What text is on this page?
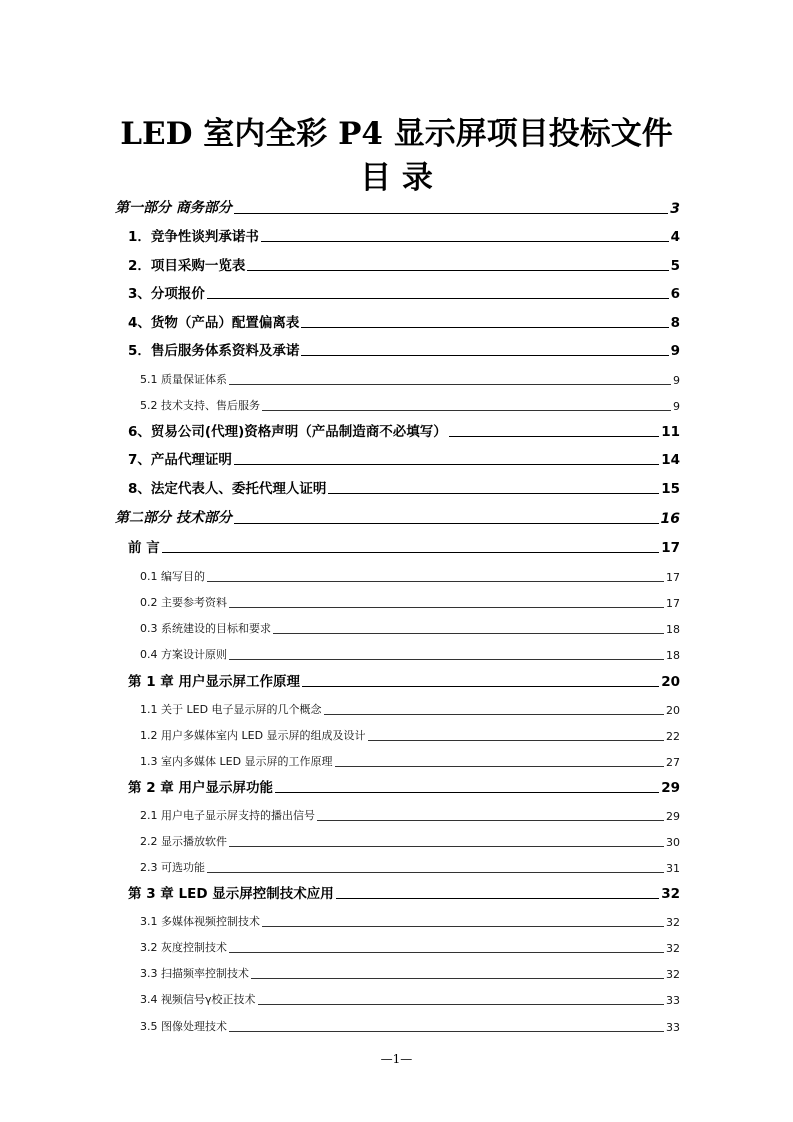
LED 室内全彩 P4 显示屏项目投标文件
目 录
第一部分 商务部分	3
1．竞争性谈判承诺书	4
2．项目采购一览表	5
3、分项报价	6
4、货物（产品）配置偏离表	8
5．售后服务体系资料及承诺	9
5.1 质量保证体系	9
5.2 技术支持、售后服务	9
6、贸易公司(代理)资格声明（产品制造商不必填写）	11
7、产品代理证明	14
8、法定代表人、委托代理人证明	15
第二部分 技术部分	16
前 言	17
0.1 编写目的	17
0.2 主要参考资料	17
0.3 系统建设的目标和要求	18
0.4 方案设计原则	18
第 1 章 用户显示屏工作原理	20
1.1 关于 LED 电子显示屏的几个概念	20
1.2 用户多媒体室内 LED 显示屏的组成及设计	22
1.3 室内多媒体 LED 显示屏的工作原理	27
第 2 章 用户显示屏功能	29
2.1 用户电子显示屏支持的播出信号	29
2.2 显示播放软件	30
2.3 可选功能	31
第 3 章 LED 显示屏控制技术应用	32
3.1 多媒体视频控制技术	32
3.2 灰度控制技术	32
3.3 扫描频率控制技术	32
3.4 视频信号γ校正技术	33
3.5 图像处理技术	33
—1—
